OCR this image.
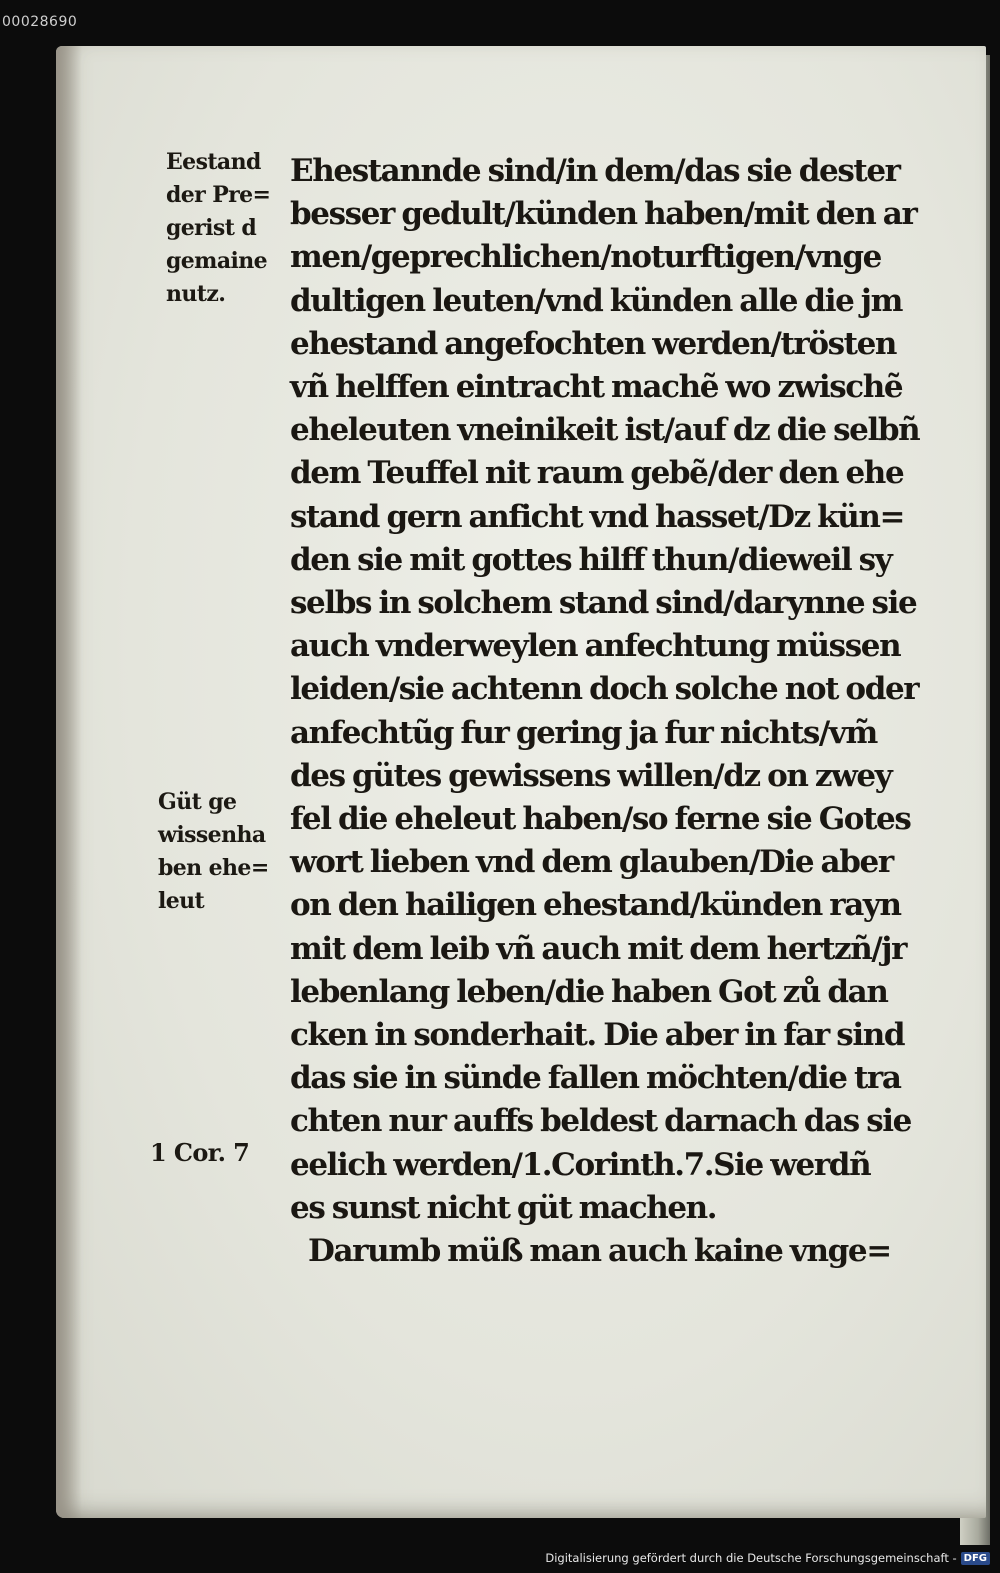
00028690
Eestand
der Pre=
gerist d
gemaine
nutz.
Güt ge
wissenha
ben ehe=
leut
1 Cor. 7
Ehestannde sind/in dem/das sie dester
besser gedult/künden haben/mit den ar
men/geprechlichen/noturftigen/vnge
dultigen leuten/vnd künden alle die jm
ehestand angefochten werden/trösten
vñ helffen eintracht machẽ wo zwischẽ
eheleuten vneinikeit ist/auf dz die selbñ
dem Teuffel nit raum gebẽ/der den ehe
stand gern anficht vnd hasset/Dz kün=
den sie mit gottes hilff thun/dieweil sy
selbs in solchem stand sind/darynne sie
auch vnderweylen anfechtung müssen
leiden/sie achtenn doch solche not oder
anfechtũg fur gering ja fur nichts/vm̃
des gütes gewissens willen/dz on zwey
fel die eheleut haben/so ferne sie Gotes
wort lieben vnd dem glauben/Die aber
on den hailigen ehestand/künden rayn
mit dem leib vñ auch mit dem hertzñ/jr
lebenlang leben/die haben Got zů dan
cken in sonderhait. Die aber in far sind
das sie in sünde fallen möchten/die tra
chten nur auffs beldest darnach das sie
eelich werden/1.Corinth.7.Sie werdñ
es sunst nicht güt machen.
Darumb müß man auch kaine vnge=
Digitalisierung gefördert durch die Deutsche Forschungsgemeinschaft - DFG
